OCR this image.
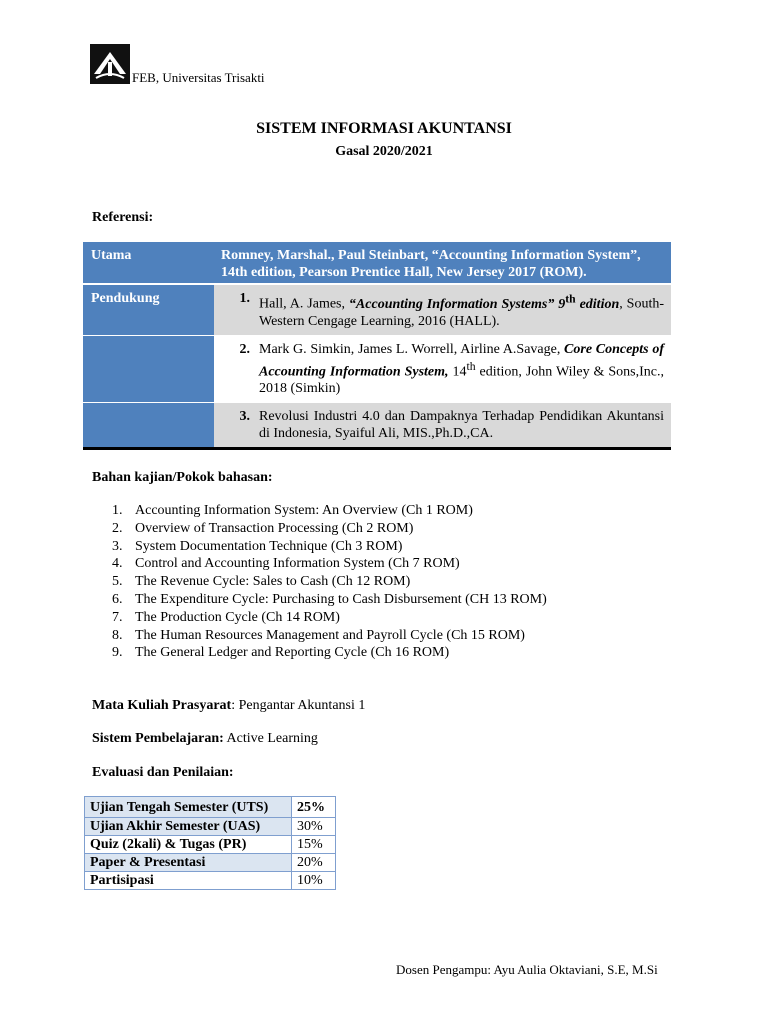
FEB, Universitas Trisakti
SISTEM INFORMASI AKUNTANSI
Gasal 2020/2021
Referensi:
Utama	Romney, Marshal., Paul Steinbart, “Accounting Information System”, 14th edition, Pearson Prentice Hall, New Jersey 2017 (ROM).
Pendukung	1. Hall, A. James, “Accounting Information Systems” 9th edition, South-Western Cengage Learning, 2016 (HALL).

	2. Mark G. Simkin, James L. Worrell, Airline A.Savage, Core Concepts of Accounting Information System, 14th edition, John Wiley & Sons,Inc., 2018 (Simkin)

	3. Revolusi Industri 4.0 dan Dampaknya Terhadap Pendidikan Akuntansi di Indonesia, Syaiful Ali, MIS.,Ph.D.,CA.
Bahan kajian/Pokok bahasan:
1. Accounting Information System: An Overview (Ch 1 ROM)
2. Overview of Transaction Processing (Ch 2 ROM)
3. System Documentation Technique (Ch 3 ROM)
4. Control and Accounting Information System (Ch 7 ROM)
5. The Revenue Cycle: Sales to Cash (Ch 12 ROM)
6. The Expenditure Cycle: Purchasing to Cash Disbursement (CH 13 ROM)
7. The Production Cycle (Ch 14 ROM)
8. The Human Resources Management and Payroll Cycle (Ch 15 ROM)
9. The General Ledger and Reporting Cycle (Ch 16 ROM)
Mata Kuliah Prasyarat: Pengantar Akuntansi 1
Sistem Pembelajaran: Active Learning
Evaluasi dan Penilaian:
Ujian Tengah Semester (UTS)	25%
Ujian Akhir Semester (UAS)	30%
Quiz (2kali) & Tugas (PR)	15%
Paper & Presentasi	20%
Partisipasi	10%
Dosen Pengampu: Ayu Aulia Oktaviani, S.E, M.Si
